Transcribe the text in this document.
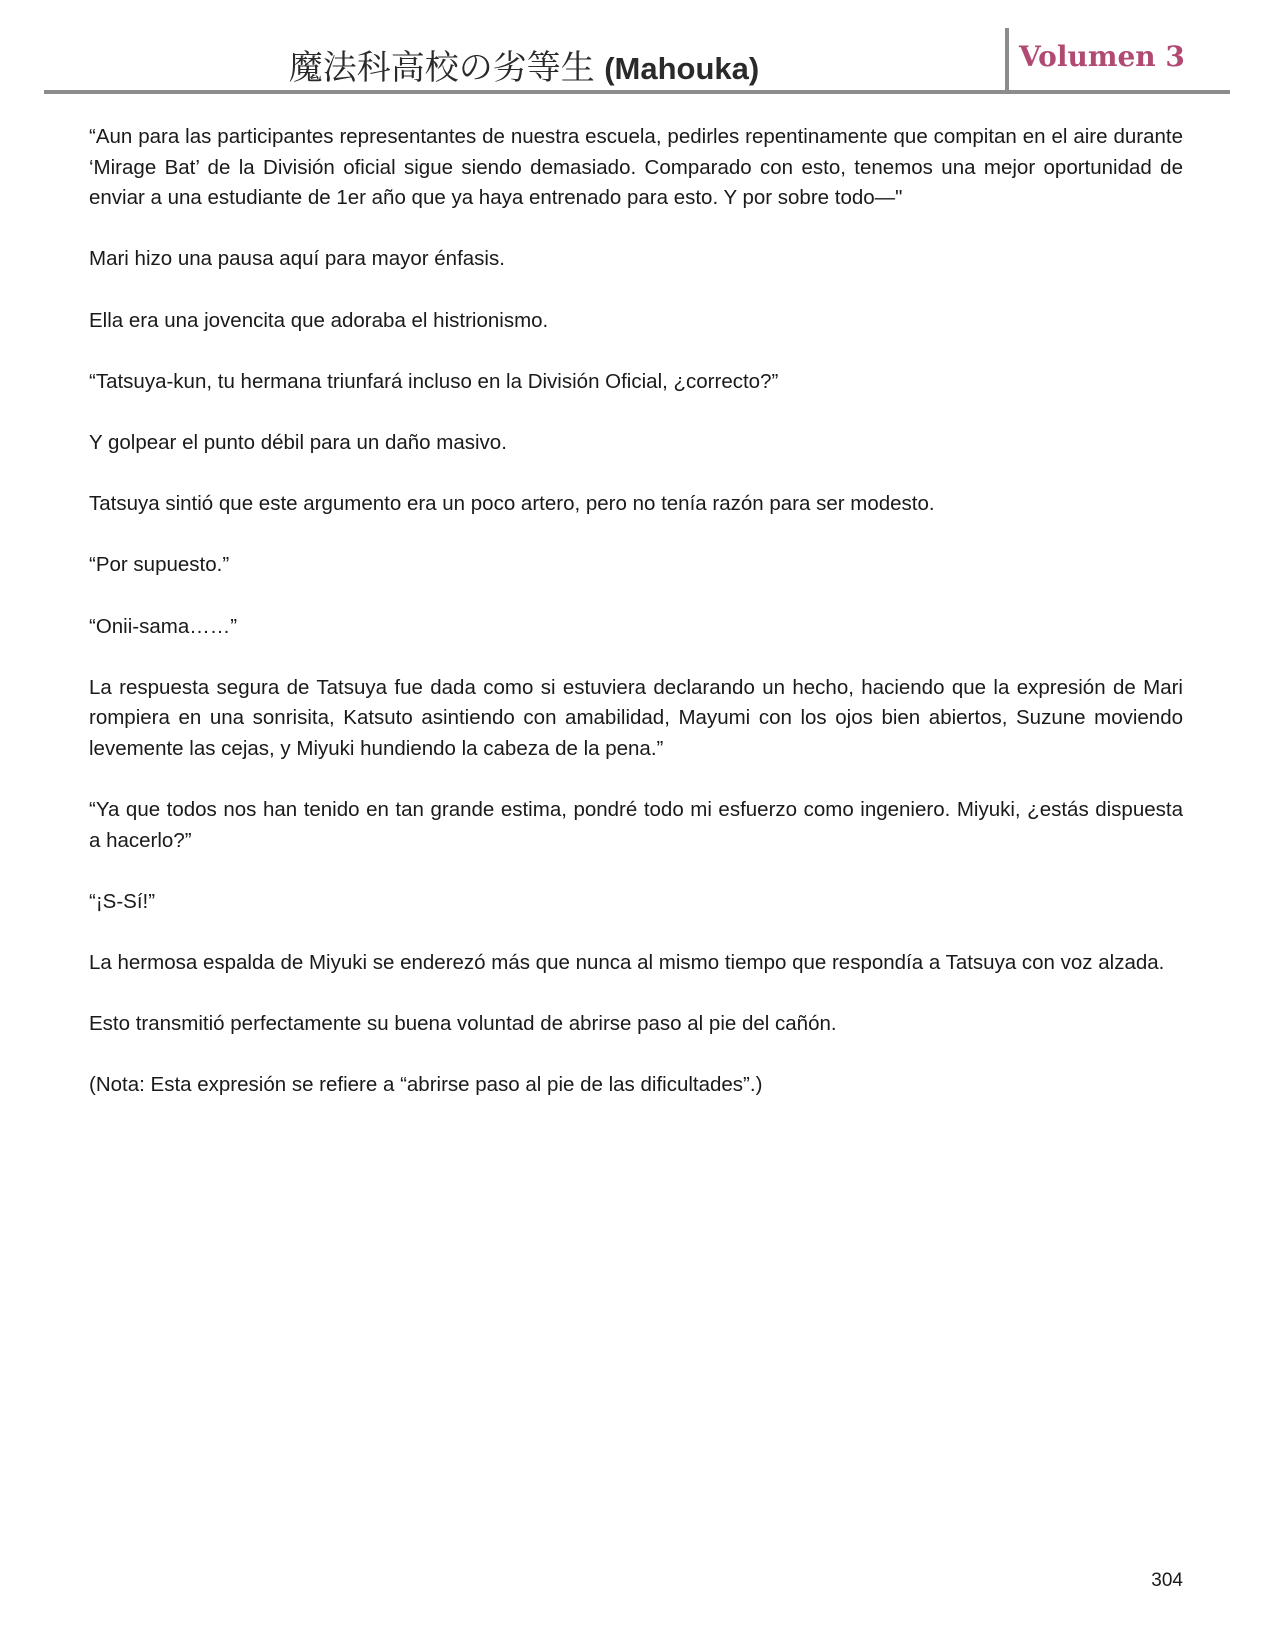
魔法科高校の劣等生 (Mahouka)	Volumen 3

“Aun para las participantes representantes de nuestra escuela, pedirles repentinamente que compitan en el aire durante ‘Mirage Bat’ de la División oficial sigue siendo demasiado. Comparado con esto, tenemos una mejor oportunidad de enviar a una estudiante de 1er año que ya haya entrenado para esto. Y por sobre todo—"

Mari hizo una pausa aquí para mayor énfasis.

Ella era una jovencita que adoraba el histrionismo.

“Tatsuya-kun, tu hermana triunfará incluso en la División Oficial, ¿correcto?”

Y golpear el punto débil para un daño masivo.

Tatsuya sintió que este argumento era un poco artero, pero no tenía razón para ser modesto.

“Por supuesto.”

“Onii-sama……”

La respuesta segura de Tatsuya fue dada como si estuviera declarando un hecho, haciendo que la expresión de Mari rompiera en una sonrisita, Katsuto asintiendo con amabilidad, Mayumi con los ojos bien abiertos, Suzune moviendo levemente las cejas, y Miyuki hundiendo la cabeza de la pena.”

“Ya que todos nos han tenido en tan grande estima, pondré todo mi esfuerzo como ingeniero. Miyuki, ¿estás dispuesta a hacerlo?”

“¡S-Sí!”

La hermosa espalda de Miyuki se enderezó más que nunca al mismo tiempo que respondía a Tatsuya con voz alzada.

Esto transmitió perfectamente su buena voluntad de abrirse paso al pie del cañón.

(Nota: Esta expresión se refiere a “abrirse paso al pie de las dificultades”.)

304
